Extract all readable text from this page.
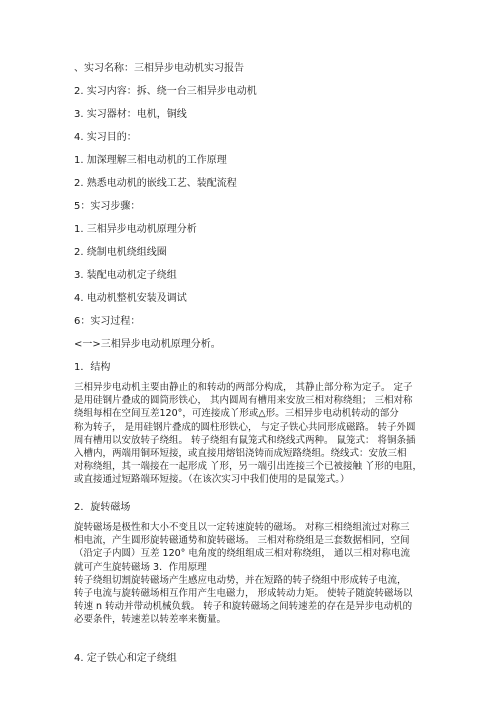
、实习名称：三相异步电动机实习报告

2. 实习内容：拆、绕一台三相异步电动机

3. 实习器材：电机，铜线

4. 实习目的：

1. 加深理解三相电动机的工作原理

2. 熟悉电动机的嵌线工艺、装配流程

5：实习步骤：

1. 三相异步电动机原理分析

2. 绕制电机绕组线圈

3. 装配电动机定子绕组

4. 电动机整机安装及调试

6：实习过程：

<一>三相异步电动机原理分析。

1．结构

三相异步电动机主要由静止的和转动的两部分构成， 其静止部分称为定子。 定子
是用硅钢片叠成的圆筒形铁心， 其内圆周有槽用来安放三相对称绕组； 三相对称
绕组每相在空间互差120°，可连接成丫形或△形。三相异步电动机转动的部分
称为转子， 是用硅钢片叠成的圆柱形铁心， 与定子铁心共同形成磁路。 转子外圆
周有槽用以安放转子绕组。 转子绕组有鼠笼式和绕线式两种。 鼠笼式： 将铜条插
入槽内，两端用铜环短接，或直接用熔铝浇铸而成短路绕组。绕线式：安放三相
对称绕组，其一端接在一起形成 丫形，另一端引出连接三个已被接触 丫形的电阻，
或直接通过短路端环短接。（在该次实习中我们使用的是鼠笼式。）

2．旋转磁场

旋转磁场是极性和大小不变且以一定转速旋转的磁场。 对称三相绕组流过对称三
相电流，产生圆形旋转磁通势和旋转磁场。 三相对称绕组是三套数据相同，空间
（沿定子内圆）互差 120° 电角度的绕组组成三相对称绕组， 通以三相对称电流
就可产生旋转磁场 3．作用原理
转子绕组切割旋转磁场产生感应电动势，并在短路的转子绕组中形成转子电流，
转子电流与旋转磁场相互作用产生电磁力， 形成转动力矩。 使转子随旋转磁场以
转速 n 转动并带动机械负载。 转子和旋转磁场之间转速差的存在是异步电动机的
必要条件，转速差以转差率来衡量。

4. 定子铁心和定子绕组
